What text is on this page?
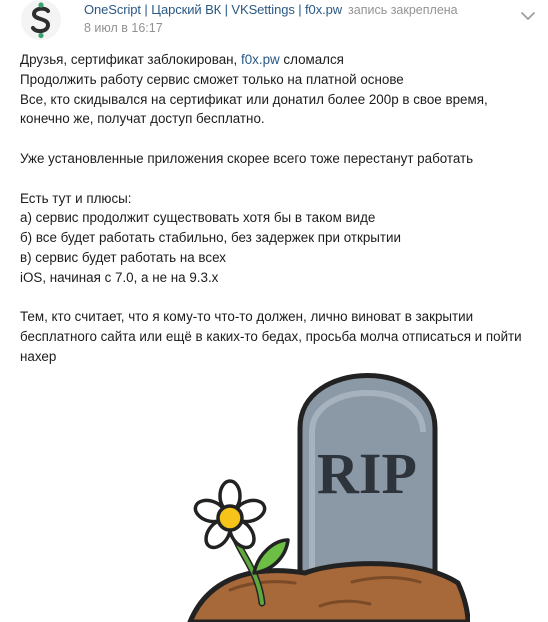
OneScript | Царский ВК | VKSettings | f0x.pw запись закреплена
8 июл в 16:17

Друзья, сертификат заблокирован, f0x.pw сломался

Продолжить работу сервис сможет только на платной основе

Все, кто скидывался на сертификат или донатил более 200р в свое время, конечно же, получат доступ бесплатно.

Уже установленные приложения скорее всего тоже перестанут работать

Есть тут и плюсы:

а) сервис продолжит существовать хотя бы в таком виде

б) все будет работать стабильно, без задержек при открытии

в) сервис будет работать на всех

iOS, начиная с 7.0, а не на 9.3.х

Тем, кто считает, что я кому-то что-то должен, лично виноват в закрытии бесплатного сайта или ещё в каких-то бедах, просьба молча отписаться и пойти нахер

RIP
